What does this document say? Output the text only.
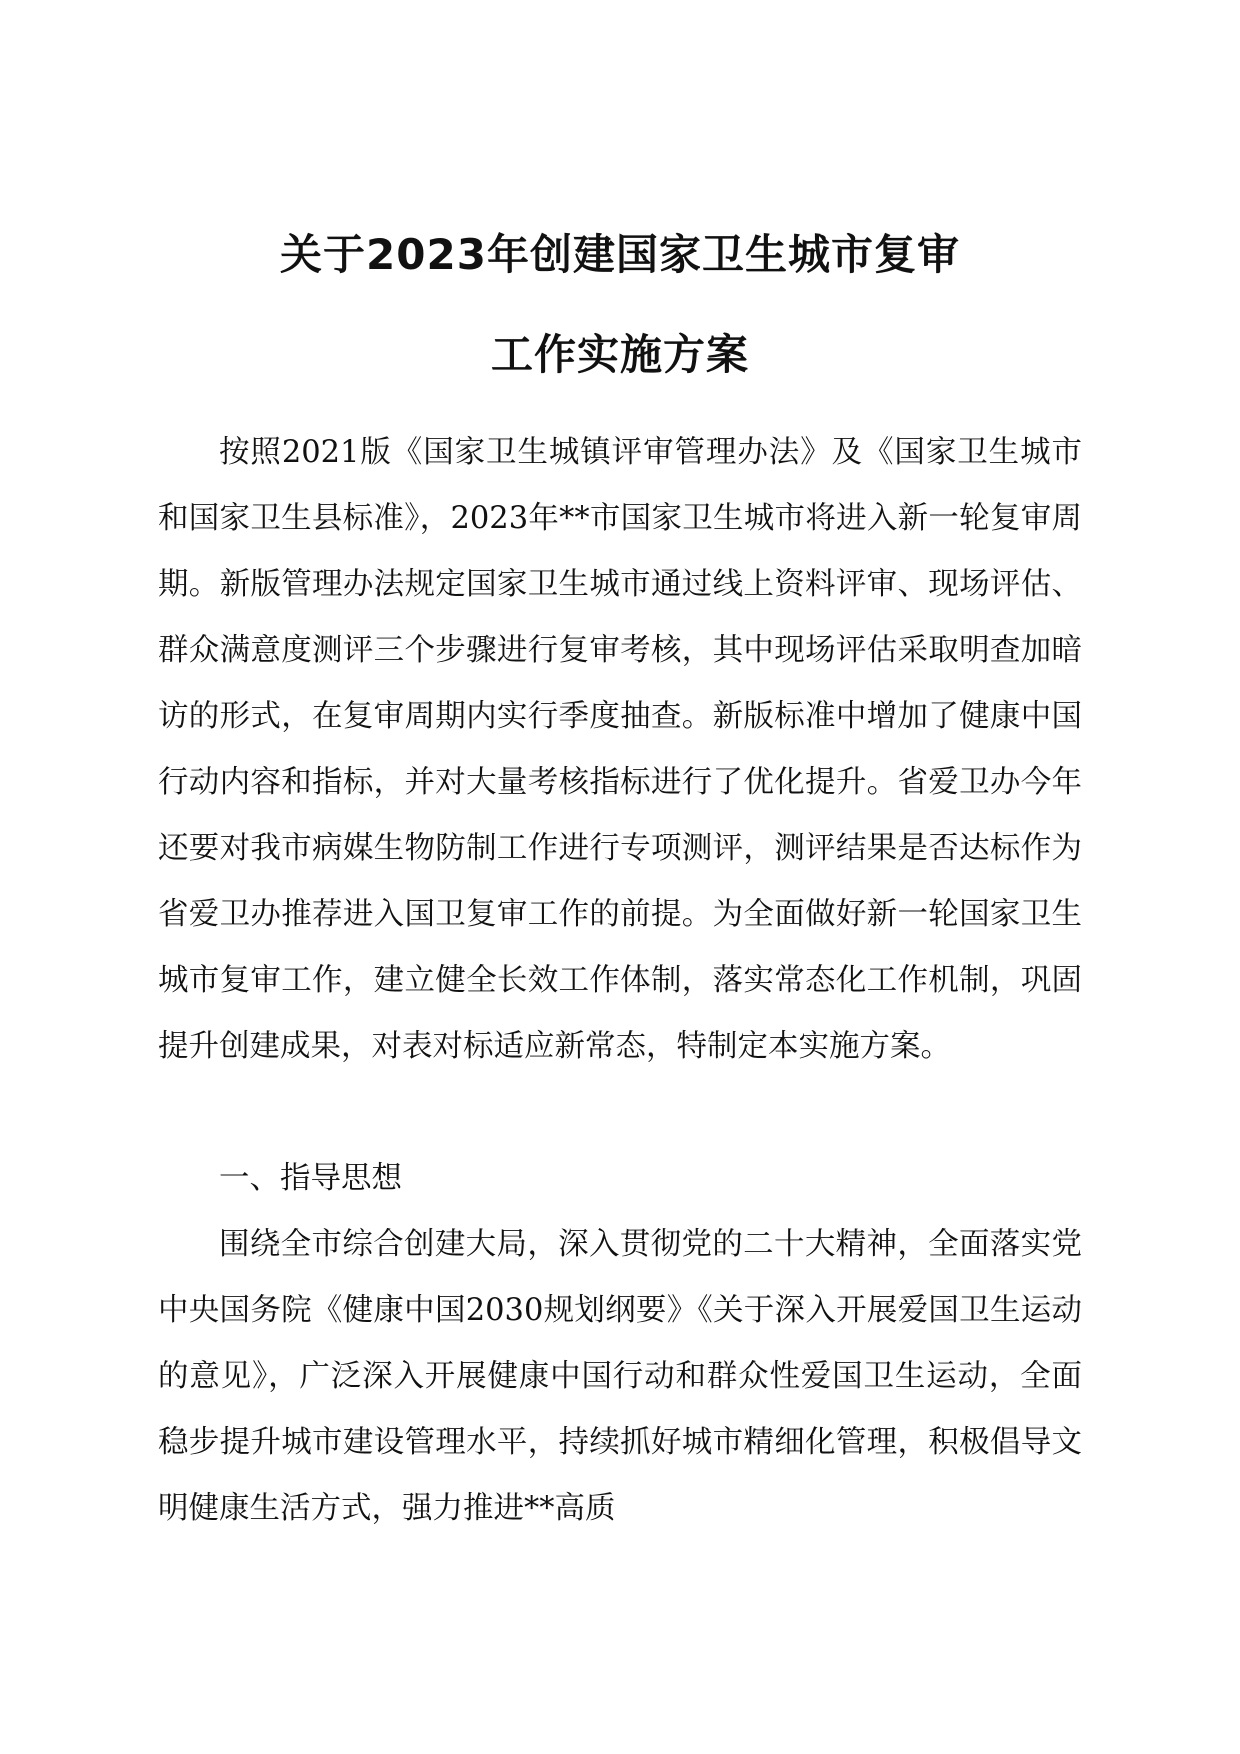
关于2023年创建国家卫生城市复审
工作实施方案

按照2021版《国家卫生城镇评审管理办法》及《国家卫生城市和国家卫生县标准》，2023年**市国家卫生城市将进入新一轮复审周期。新版管理办法规定国家卫生城市通过线上资料评审、现场评估、群众满意度测评三个步骤进行复审考核，其中现场评估采取明查加暗访的形式，在复审周期内实行季度抽查。新版标准中增加了健康中国行动内容和指标，并对大量考核指标进行了优化提升。省爱卫办今年还要对我市病媒生物防制工作进行专项测评，测评结果是否达标作为省爱卫办推荐进入国卫复审工作的前提。为全面做好新一轮国家卫生城市复审工作，建立健全长效工作体制，落实常态化工作机制，巩固提升创建成果，对表对标适应新常态，特制定本实施方案。

一、指导思想

围绕全市综合创建大局，深入贯彻党的二十大精神，全面落实党中央国务院《健康中国2030规划纲要》《关于深入开展爱国卫生运动的意见》，广泛深入开展健康中国行动和群众性爱国卫生运动，全面稳步提升城市建设管理水平，持续抓好城市精细化管理，积极倡导文明健康生活方式，强力推进**高质
